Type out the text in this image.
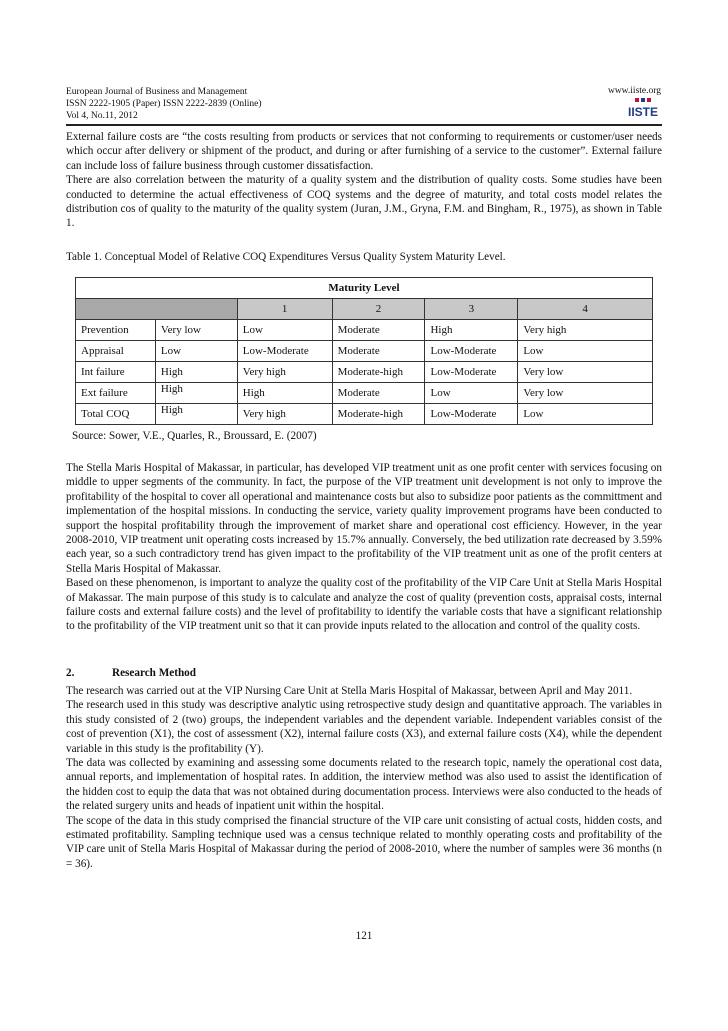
European Journal of Business and Management
ISSN 2222-1905 (Paper) ISSN 2222-2839 (Online)
Vol 4, No.11, 2012
www.iiste.org
IISTE

External failure costs are “the costs resulting from products or services that not conforming to requirements or customer/user needs which occur after delivery or shipment of the product, and during or after furnishing of a service to the customer”. External failure can include loss of failure business through customer dissatisfaction.

There are also correlation between the maturity of a quality system and the distribution of quality costs. Some studies have been conducted to determine the actual effectiveness of COQ systems and the degree of maturity, and total costs model relates the distribution cos of quality to the maturity of the quality system (Juran, J.M., Gryna, F.M. and Bingham, R., 1975), as shown in Table 1.

Table 1. Conceptual Model of Relative COQ Expenditures Versus Quality System Maturity Level.
Maturity Level					
		1	2	3	4
Prevention	Very low	Low	Moderate	High	Very high
Appraisal	Low	Low-Moderate	Moderate	Low-Moderate	Low
Int failure	High	Very high	Moderate-high	Low-Moderate	Very low
Ext failure	High	High	Moderate	Low	Very low
Total COQ	High	Very high	Moderate-high	Low-Moderate	Low
Source: Sower, V.E., Quarles, R., Broussard, E. (2007)

The Stella Maris Hospital of Makassar, in particular, has developed VIP treatment unit as one profit center with services focusing on middle to upper segments of the community. In fact, the purpose of the VIP treatment unit development is not only to improve the profitability of the hospital to cover all operational and maintenance costs but also to subsidize poor patients as the committment and implementation of the hospital missions. In conducting the service, variety quality improvement programs have been conducted to support the hospital profitability through the improvement of market share and operational cost efficiency. However, in the year 2008-2010, VIP treatment unit operating costs increased by 15.7% annually. Conversely, the bed utilization rate decreased by 3.59% each year, so a such contradictory trend has given impact to the profitability of the VIP treatment unit as one of the profit centers at Stella Maris Hospital of Makassar.

Based on these phenomenon, is important to analyze the quality cost of the profitability of the VIP Care Unit at Stella Maris Hospital of Makassar. The main purpose of this study is to calculate and analyze the cost of quality (prevention costs, appraisal costs, internal failure costs and external failure costs) and the level of profitability to identify the variable costs that have a significant relationship to the profitability of the VIP treatment unit so that it can provide inputs related to the allocation and control of the quality costs.

2.	Research Method

The research was carried out at the VIP Nursing Care Unit at Stella Maris Hospital of Makassar, between April and May 2011.

The research used in this study was descriptive analytic using retrospective study design and quantitative approach. The variables in this study consisted of 2 (two) groups, the independent variables and the dependent variable. Independent variables consist of the cost of prevention (X1), the cost of assessment (X2), internal failure costs (X3), and external failure costs (X4), while the dependent variable in this study is the profitability (Y).

The data was collected by examining and assessing some documents related to the research topic, namely the operational cost data, annual reports, and implementation of hospital rates. In addition, the interview method was also used to assist the identification of the hidden cost to equip the data that was not obtained during documentation process. Interviews were also conducted to the heads of the related surgery units and heads of inpatient unit within the hospital.

The scope of the data in this study comprised the financial structure of the VIP care unit consisting of actual costs, hidden costs, and estimated profitability. Sampling technique used was a census technique related to monthly operating costs and profitability of the VIP care unit of Stella Maris Hospital of Makassar during the period of 2008-2010, where the number of samples were 36 months (n = 36).

121
